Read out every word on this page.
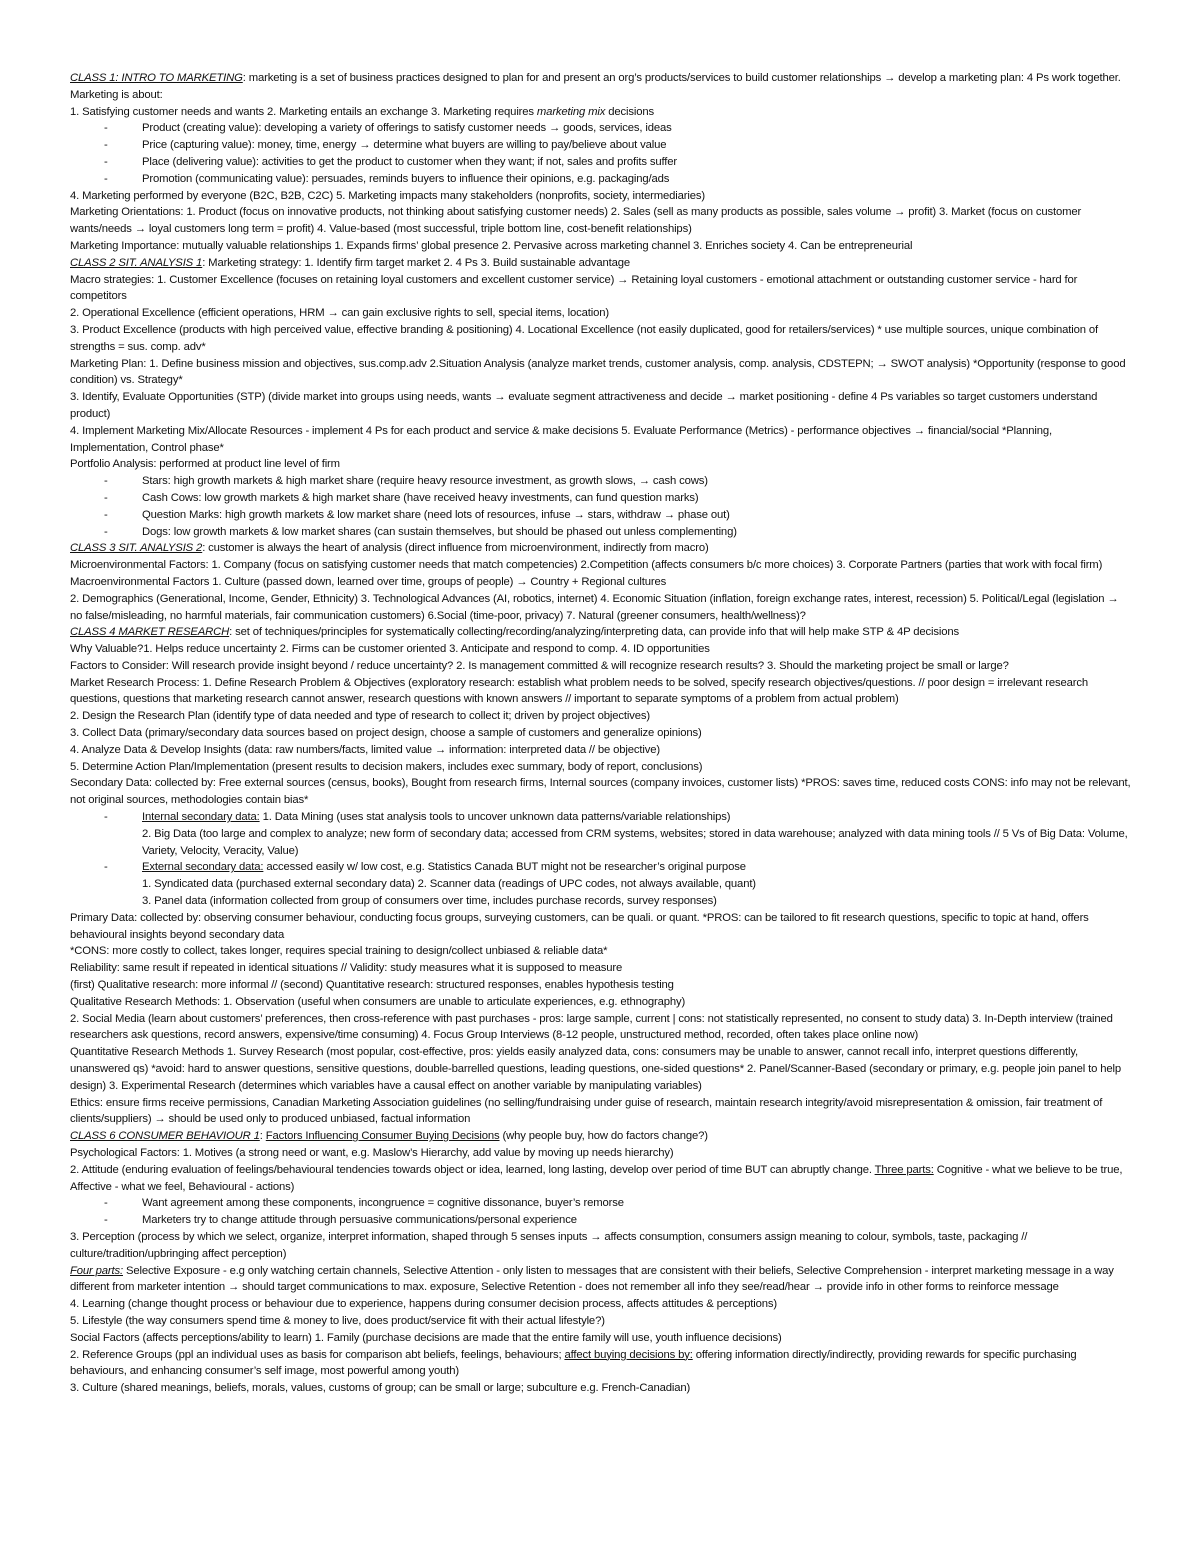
CLASS 1: INTRO TO MARKETING: marketing is a set of business practices designed to plan for and present an org’s products/services to build customer relationships → develop a marketing plan: 4 Ps work together. Marketing is about:

1. Satisfying customer needs and wants 2. Marketing entails an exchange 3. Marketing requires marketing mix decisions

- Product (creating value): developing a variety of offerings to satisfy customer needs → goods, services, ideas

- Price (capturing value): money, time, energy → determine what buyers are willing to pay/believe about value

- Place (delivering value): activities to get the product to customer when they want; if not, sales and profits suffer

- Promotion (communicating value): persuades, reminds buyers to influence their opinions, e.g. packaging/ads

4. Marketing performed by everyone (B2C, B2B, C2C) 5. Marketing impacts many stakeholders (nonprofits, society, intermediaries)

Marketing Orientations: 1. Product (focus on innovative products, not thinking about satisfying customer needs) 2. Sales (sell as many products as possible, sales volume → profit) 3. Market (focus on customer wants/needs → loyal customers long term = profit) 4. Value-based (most successful, triple bottom line, cost-benefit relationships)

Marketing Importance: mutually valuable relationships 1. Expands firms’ global presence 2. Pervasive across marketing channel 3. Enriches society 4. Can be entrepreneurial

CLASS 2 SIT. ANALYSIS 1: Marketing strategy: 1. Identify firm target market 2. 4 Ps 3. Build sustainable advantage

Macro strategies: 1. Customer Excellence (focuses on retaining loyal customers and excellent customer service) → Retaining loyal customers - emotional attachment or outstanding customer service - hard for competitors

2. Operational Excellence (efficient operations, HRM → can gain exclusive rights to sell, special items, location)

3. Product Excellence (products with high perceived value, effective branding & positioning) 4. Locational Excellence (not easily duplicated, good for retailers/services) * use multiple sources, unique combination of strengths = sus. comp. adv*

Marketing Plan: 1. Define business mission and objectives, sus.comp.adv 2.Situation Analysis (analyze market trends, customer analysis, comp. analysis, CDSTEPN; → SWOT analysis) *Opportunity (response to good condition) vs. Strategy*

3. Identify, Evaluate Opportunities (STP) (divide market into groups using needs, wants → evaluate segment attractiveness and decide → market positioning - define 4 Ps variables so target customers understand product)

4. Implement Marketing Mix/Allocate Resources - implement 4 Ps for each product and service & make decisions 5. Evaluate Performance (Metrics) - performance objectives → financial/social *Planning, Implementation, Control phase*

Portfolio Analysis: performed at product line level of firm

- Stars: high growth markets & high market share (require heavy resource investment, as growth slows, → cash cows)

- Cash Cows: low growth markets & high market share (have received heavy investments, can fund question marks)

- Question Marks: high growth markets & low market share (need lots of resources, infuse → stars, withdraw → phase out)

- Dogs: low growth markets & low market shares (can sustain themselves, but should be phased out unless complementing)

CLASS 3 SIT. ANALYSIS 2: customer is always the heart of analysis (direct influence from microenvironment, indirectly from macro)

Microenvironmental Factors: 1. Company (focus on satisfying customer needs that match competencies) 2.Competition (affects consumers b/c more choices) 3. Corporate Partners (parties that work with focal firm)

Macroenvironmental Factors 1. Culture (passed down, learned over time, groups of people) → Country + Regional cultures

2. Demographics (Generational, Income, Gender, Ethnicity) 3. Technological Advances (AI, robotics, internet) 4. Economic Situation (inflation, foreign exchange rates, interest, recession) 5. Political/Legal (legislation → no false/misleading, no harmful materials, fair communication customers) 6.Social (time-poor, privacy) 7. Natural (greener consumers, health/wellness)?

CLASS 4 MARKET RESEARCH: set of techniques/principles for systematically collecting/recording/analyzing/interpreting data, can provide info that will help make STP & 4P decisions

Why Valuable?1. Helps reduce uncertainty 2. Firms can be customer oriented 3. Anticipate and respond to comp. 4. ID opportunities

Factors to Consider: Will research provide insight beyond / reduce uncertainty? 2. Is management committed & will recognize research results? 3. Should the marketing project be small or large?

Market Research Process: 1. Define Research Problem & Objectives (exploratory research: establish what problem needs to be solved, specify research objectives/questions. // poor design = irrelevant research questions, questions that marketing research cannot answer, research questions with known answers // important to separate symptoms of a problem from actual problem)

2. Design the Research Plan (identify type of data needed and type of research to collect it; driven by project objectives)

3. Collect Data (primary/secondary data sources based on project design, choose a sample of customers and generalize opinions)

4. Analyze Data & Develop Insights (data: raw numbers/facts, limited value → information: interpreted data // be objective)

5. Determine Action Plan/Implementation (present results to decision makers, includes exec summary, body of report, conclusions)

Secondary Data: collected by: Free external sources (census, books), Bought from research firms, Internal sources (company invoices, customer lists) *PROS: saves time, reduced costs CONS: info may not be relevant, not original sources, methodologies contain bias*

- Internal secondary data: 1. Data Mining (uses stat analysis tools to uncover unknown data patterns/variable relationships)

2. Big Data (too large and complex to analyze; new form of secondary data; accessed from CRM systems, websites; stored in data warehouse; analyzed with data mining tools // 5 Vs of Big Data: Volume, Variety, Velocity, Veracity, Value)

- External secondary data: accessed easily w/ low cost, e.g. Statistics Canada BUT might not be researcher’s original purpose

1. Syndicated data (purchased external secondary data) 2. Scanner data (readings of UPC codes, not always available, quant)

3. Panel data (information collected from group of consumers over time, includes purchase records, survey responses)

Primary Data: collected by: observing consumer behaviour, conducting focus groups, surveying customers, can be quali. or quant. *PROS: can be tailored to fit research questions, specific to topic at hand, offers behavioural insights beyond secondary data

*CONS: more costly to collect, takes longer, requires special training to design/collect unbiased & reliable data*

Reliability: same result if repeated in identical situations // Validity: study measures what it is supposed to measure

(first) Qualitative research: more informal // (second) Quantitative research: structured responses, enables hypothesis testing

Qualitative Research Methods: 1. Observation (useful when consumers are unable to articulate experiences, e.g. ethnography)

2. Social Media (learn about customers’ preferences, then cross-reference with past purchases - pros: large sample, current | cons: not statistically represented, no consent to study data) 3. In-Depth interview (trained researchers ask questions, record answers, expensive/time consuming) 4. Focus Group Interviews (8-12 people, unstructured method, recorded, often takes place online now)

Quantitative Research Methods 1. Survey Research (most popular, cost-effective, pros: yields easily analyzed data, cons: consumers may be unable to answer, cannot recall info, interpret questions differently, unanswered qs) *avoid: hard to answer questions, sensitive questions, double-barrelled questions, leading questions, one-sided questions* 2. Panel/Scanner-Based (secondary or primary, e.g. people join panel to help design) 3. Experimental Research (determines which variables have a causal effect on another variable by manipulating variables)

Ethics: ensure firms receive permissions, Canadian Marketing Association guidelines (no selling/fundraising under guise of research, maintain research integrity/avoid misrepresentation & omission, fair treatment of clients/suppliers) → should be used only to produced unbiased, factual information

CLASS 6 CONSUMER BEHAVIOUR 1: Factors Influencing Consumer Buying Decisions (why people buy, how do factors change?)

Psychological Factors: 1. Motives (a strong need or want, e.g. Maslow’s Hierarchy, add value by moving up needs hierarchy)

2. Attitude (enduring evaluation of feelings/behavioural tendencies towards object or idea, learned, long lasting, develop over period of time BUT can abruptly change. Three parts: Cognitive - what we believe to be true, Affective - what we feel, Behavioural - actions)

- Want agreement among these components, incongruence = cognitive dissonance, buyer’s remorse

- Marketers try to change attitude through persuasive communications/personal experience

3. Perception (process by which we select, organize, interpret information, shaped through 5 senses inputs → affects consumption, consumers assign meaning to colour, symbols, taste, packaging // culture/tradition/upbringing affect perception)

Four parts: Selective Exposure - e.g only watching certain channels, Selective Attention - only listen to messages that are consistent with their beliefs, Selective Comprehension - interpret marketing message in a way different from marketer intention → should target communications to max. exposure, Selective Retention - does not remember all info they see/read/hear → provide info in other forms to reinforce message

4. Learning (change thought process or behaviour due to experience, happens during consumer decision process, affects attitudes & perceptions)

5. Lifestyle (the way consumers spend time & money to live, does product/service fit with their actual lifestyle?)

Social Factors (affects perceptions/ability to learn) 1. Family (purchase decisions are made that the entire family will use, youth influence decisions)

2. Reference Groups (ppl an individual uses as basis for comparison abt beliefs, feelings, behaviours; affect buying decisions by: offering information directly/indirectly, providing rewards for specific purchasing behaviours, and enhancing consumer’s self image, most powerful among youth)

3. Culture (shared meanings, beliefs, morals, values, customs of group; can be small or large; subculture e.g. French-Canadian)
